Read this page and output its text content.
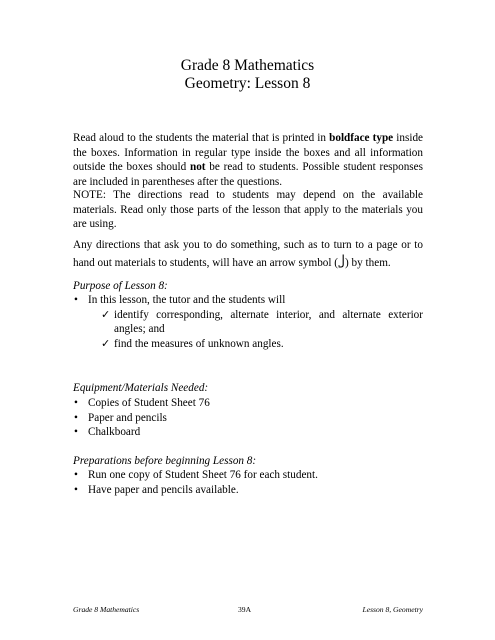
Grade 8 Mathematics
Geometry: Lesson 8

Read aloud to the students the material that is printed in boldface type inside the boxes. Information in regular type inside the boxes and all information outside the boxes should not be read to students. Possible student responses are included in parentheses after the questions.

NOTE: The directions read to students may depend on the available materials. Read only those parts of the lesson that apply to the materials you are using.

Any directions that ask you to do something, such as to turn to a page or to hand out materials to students, will have an arrow symbol ( ) by them.

Purpose of Lesson 8:
• In this lesson, the tutor and the students will
✓ identify corresponding, alternate interior, and alternate exterior angles; and
✓ find the measures of unknown angles.
Equipment/Materials Needed:
• Copies of Student Sheet 76
• Paper and pencils
• Chalkboard
Preparations before beginning Lesson 8:
• Run one copy of Student Sheet 76 for each student.
• Have paper and pencils available.
Grade 8 Mathematics	39A	Lesson 8, Geometry
